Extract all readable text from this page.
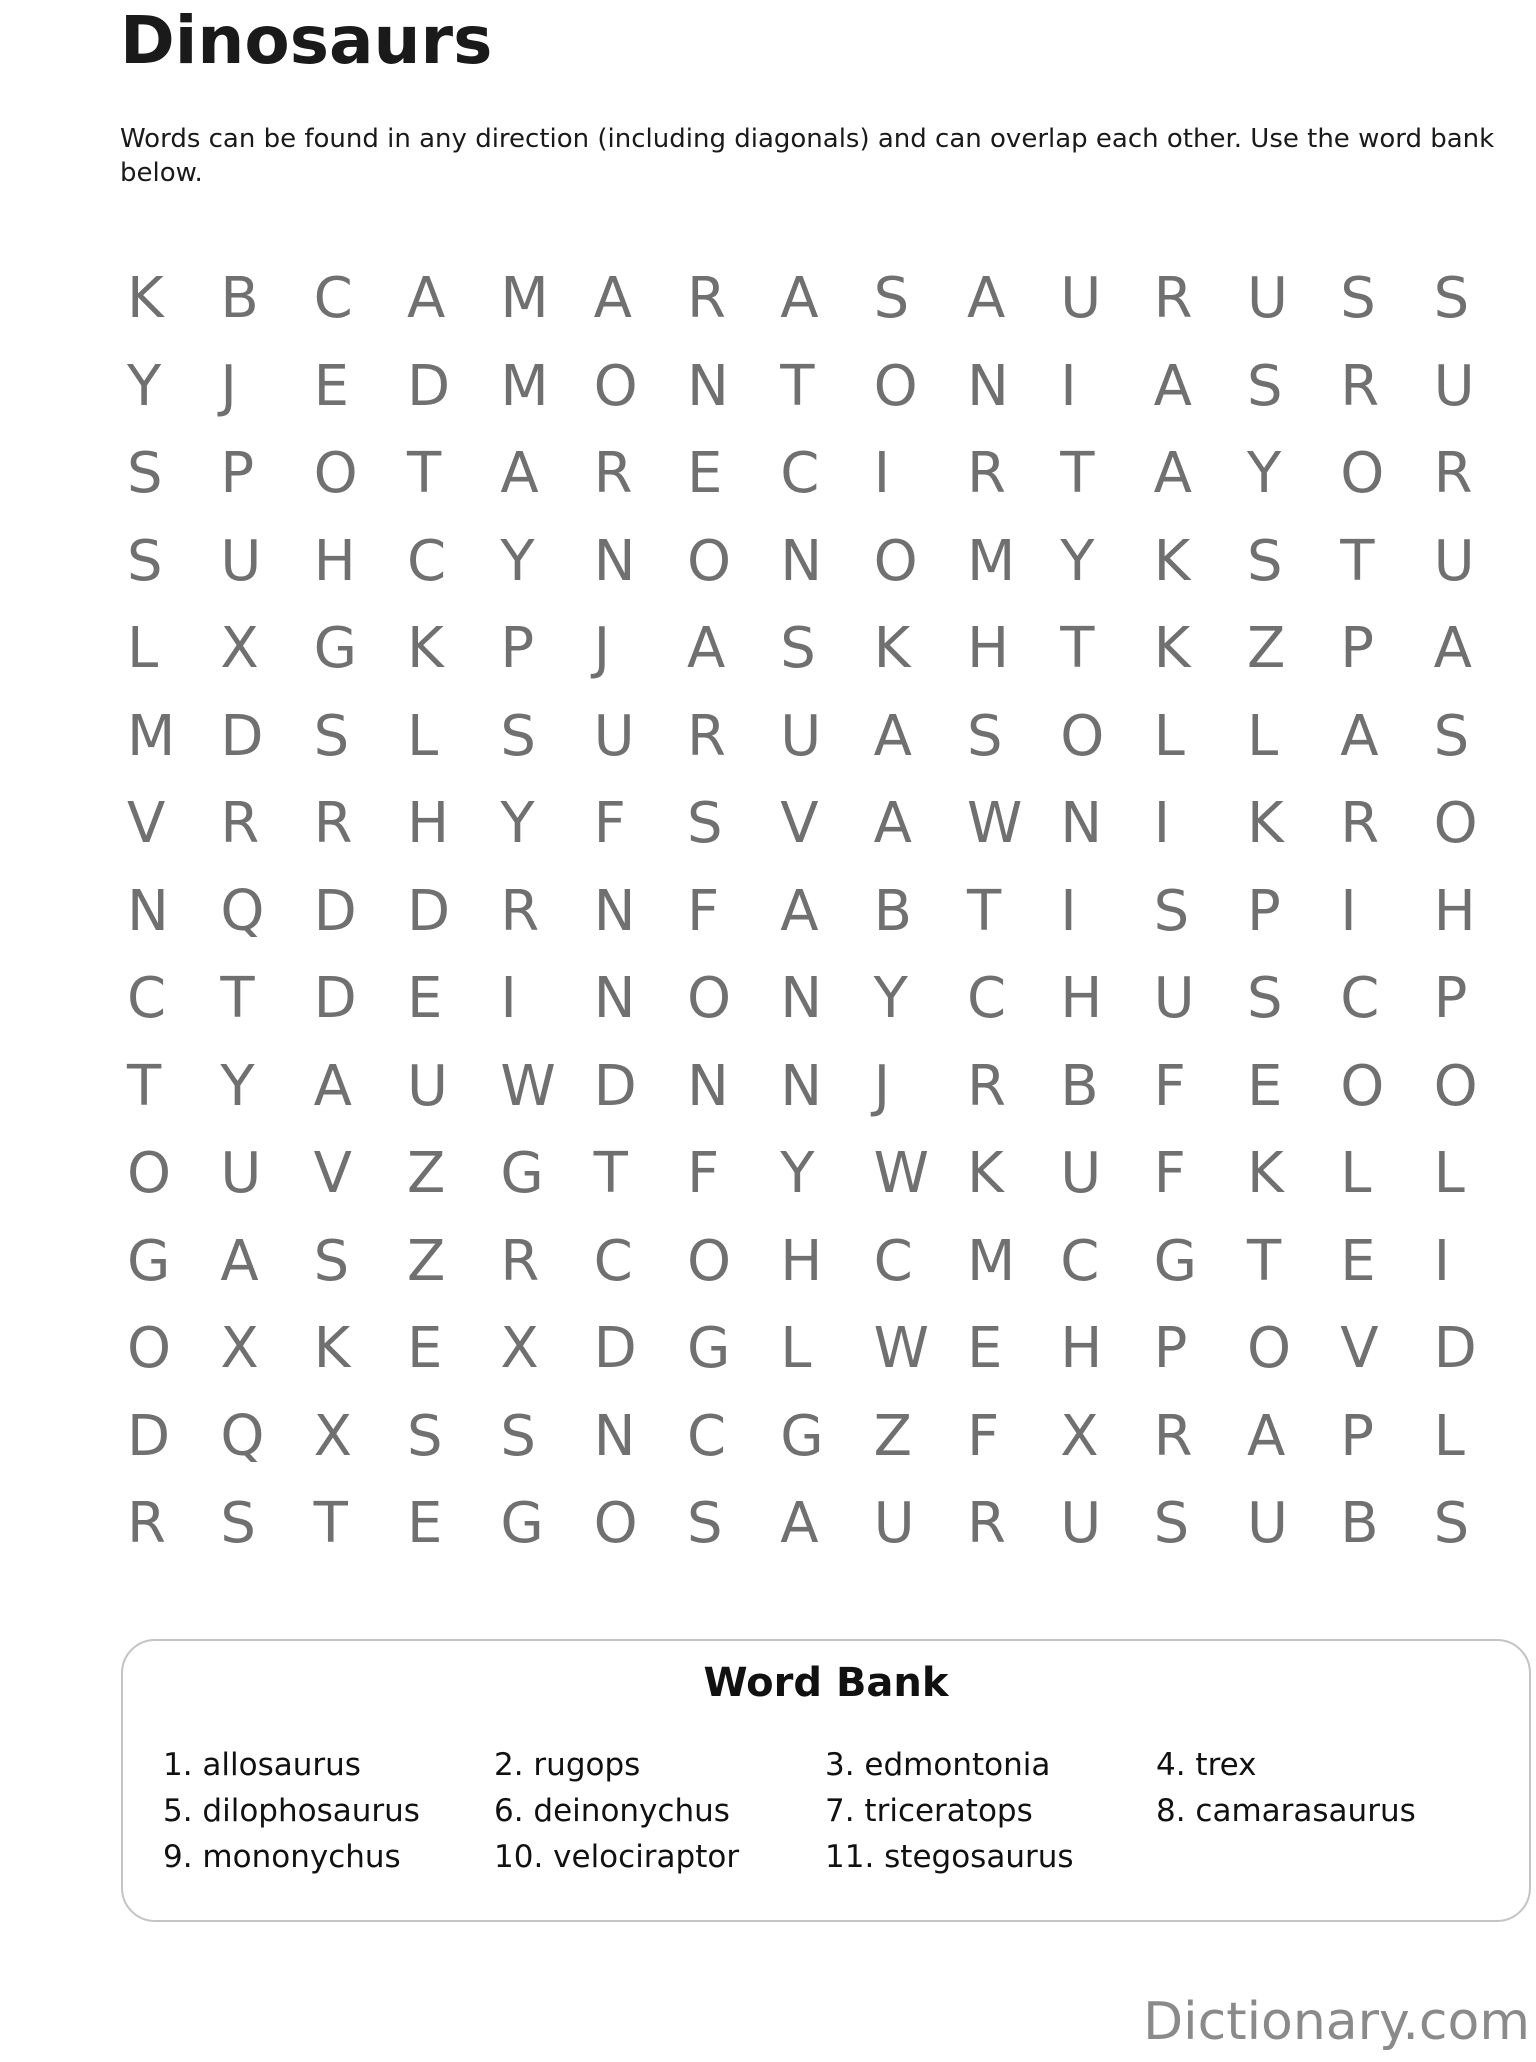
Dinosaurs

Words can be found in any direction (including diagonals) and can overlap each other. Use the word bank below.

K	B C A M A R A S	A U R U S	S
Y	J	E	D M O N T	O N I	A S	R U
S	P	O T	A R E	C I	R T	A Y	O R
S	U H C Y	N O N O M Y	K	S	T	U
L	X G K	P	J	A S	K	H T	K	Z P	A
M D S	L	S	U R U A S	O L	L	A S
V R R H Y	F	S	V A W N I	K	R O
N Q D D R N F	A B T	I	S	P	I	H
C T	D E	I	N O N Y	C H U S	C P
T	Y	A U W D N N J	R B F	E	O O
O U V Z G T	F	Y	W K	U F	K	L	L
G A S	Z R C O H C M C G T	E	I
O X K	E	X D G L	W E	H P	O V D
D Q X S	S	N C G Z F	X R A P	L
R S	T	E	G O S	A U R U S	U B S
Word Bank
1. allosaurus	2. rugops	3. edmontonia	4. trex
5. dilophosaurus	6. deinonychus	7. triceratops	8. camarasaurus
9. mononychus	10. velociraptor	11. stegosaurus
Dictionary.com
